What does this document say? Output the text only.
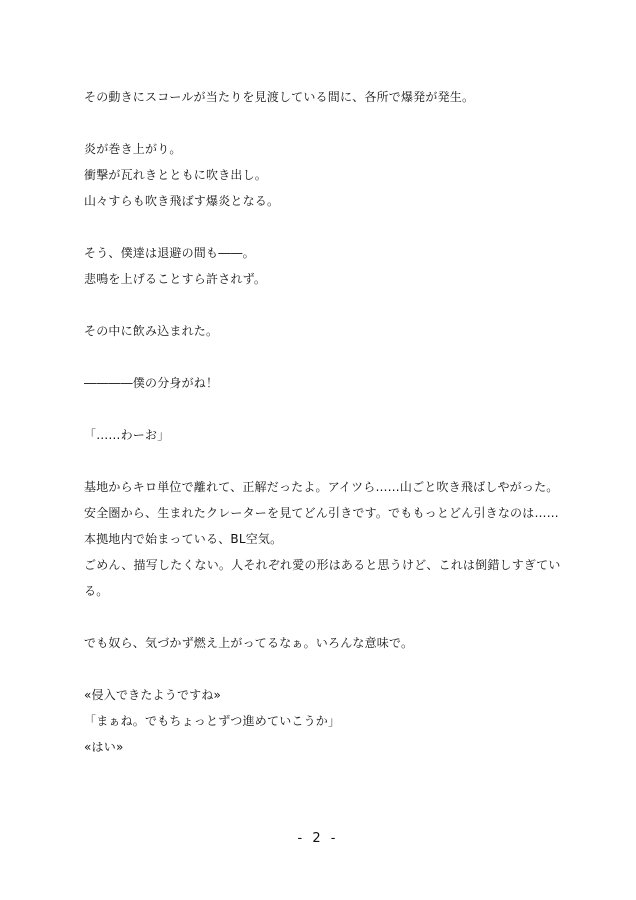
その動きにスコールが当たりを見渡している間に、各所で爆発が発生。
炎が巻き上がり。
衝撃が瓦れきとともに吹き出し。
山々すらも吹き飛ばす爆炎となる。
そう、僕達は退避の間も――。
悲鳴を上げることすら許されず。
その中に飲み込まれた。
――――僕の分身がね！
「……わーお」
基地からキロ単位で離れて、正解だったよ。アイツら……山ごと吹き飛ばしやがった。
安全圏から、生まれたクレーターを見てどん引きです。でももっとどん引きなのは……
本拠地内で始まっている、BL空気。
ごめん、描写したくない。人それぞれ愛の形はあると思うけど、これは倒錯しすぎてい
る。
でも奴ら、気づかず燃え上がってるなぁ。いろんな意味で。
«侵入できたようですね»
「まぁね。でもちょっとずつ進めていこうか」
«はい»
- 2 -
